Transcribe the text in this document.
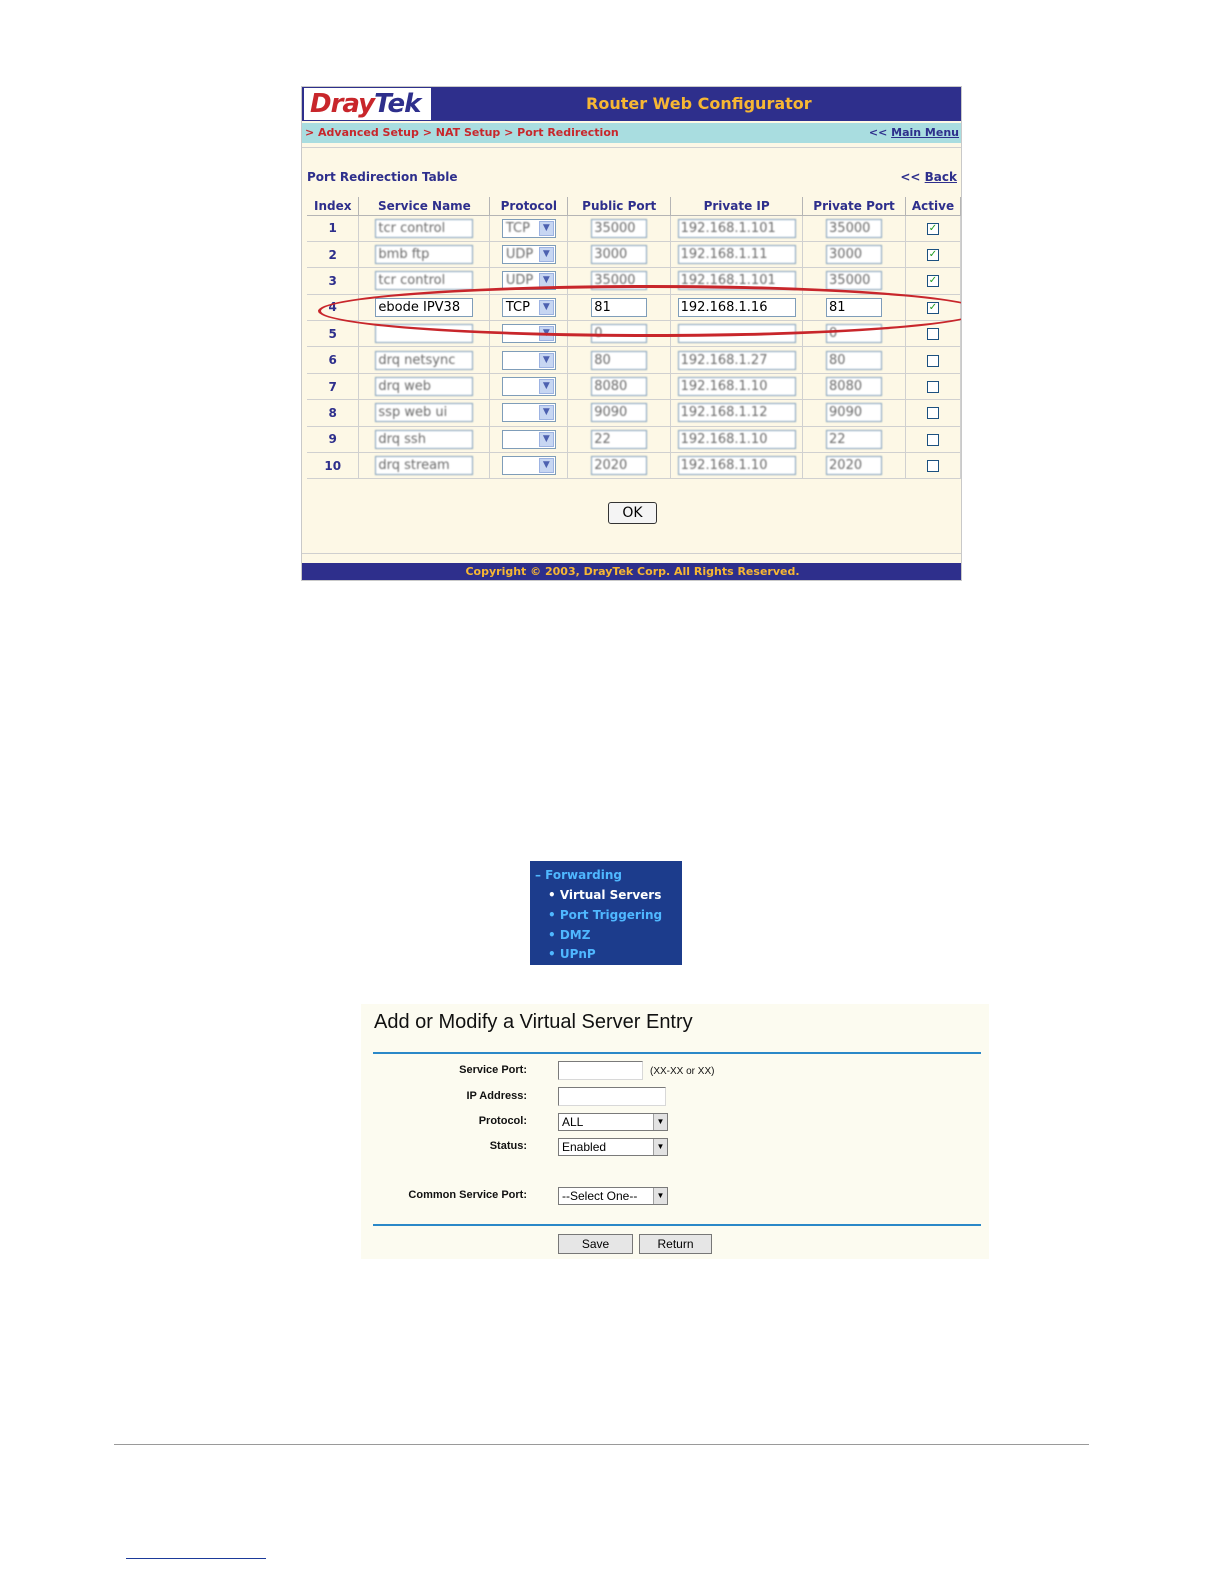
DrayTek	Router Web Configurator
> Advanced Setup > NAT Setup > Port Redirection	<< Main Menu
Port Redirection Table	<< Back
Index	Service Name	Protocol	Public Port	Private IP	Private Port	Active
1	tcr control	TCP ▼	35000	192.168.1.101	35000	✓
2	bmb ftp	UDP ▼	3000	192.168.1.11	3000	✓
3	tcr control	UDP ▼	35000	192.168.1.101	35000	✓
4	ebode IPV38	TCP ▼	81	192.168.1.16	81	✓
5		▼	0		0	
6	drq netsync	▼	80	192.168.1.27	80	
7	drq web	▼	8080	192.168.1.10	8080	
8	ssp web ui	▼	9090	192.168.1.12	9090	
9	drq ssh	▼	22	192.168.1.10	22	
10	drq stream	▼	2020	192.168.1.10	2020	
OK
Copyright © 2003, DrayTek Corp. All Rights Reserved.
– Forwarding
• Virtual Servers
• Port Triggering
• DMZ
• UPnP
Add or Modify a Virtual Server Entry
Service Port:	(XX-XX or XX)
IP Address:
Protocol:	ALL	▼
Status:	Enabled	▼
Common Service Port:	--Select One--	▼
Save	Return
